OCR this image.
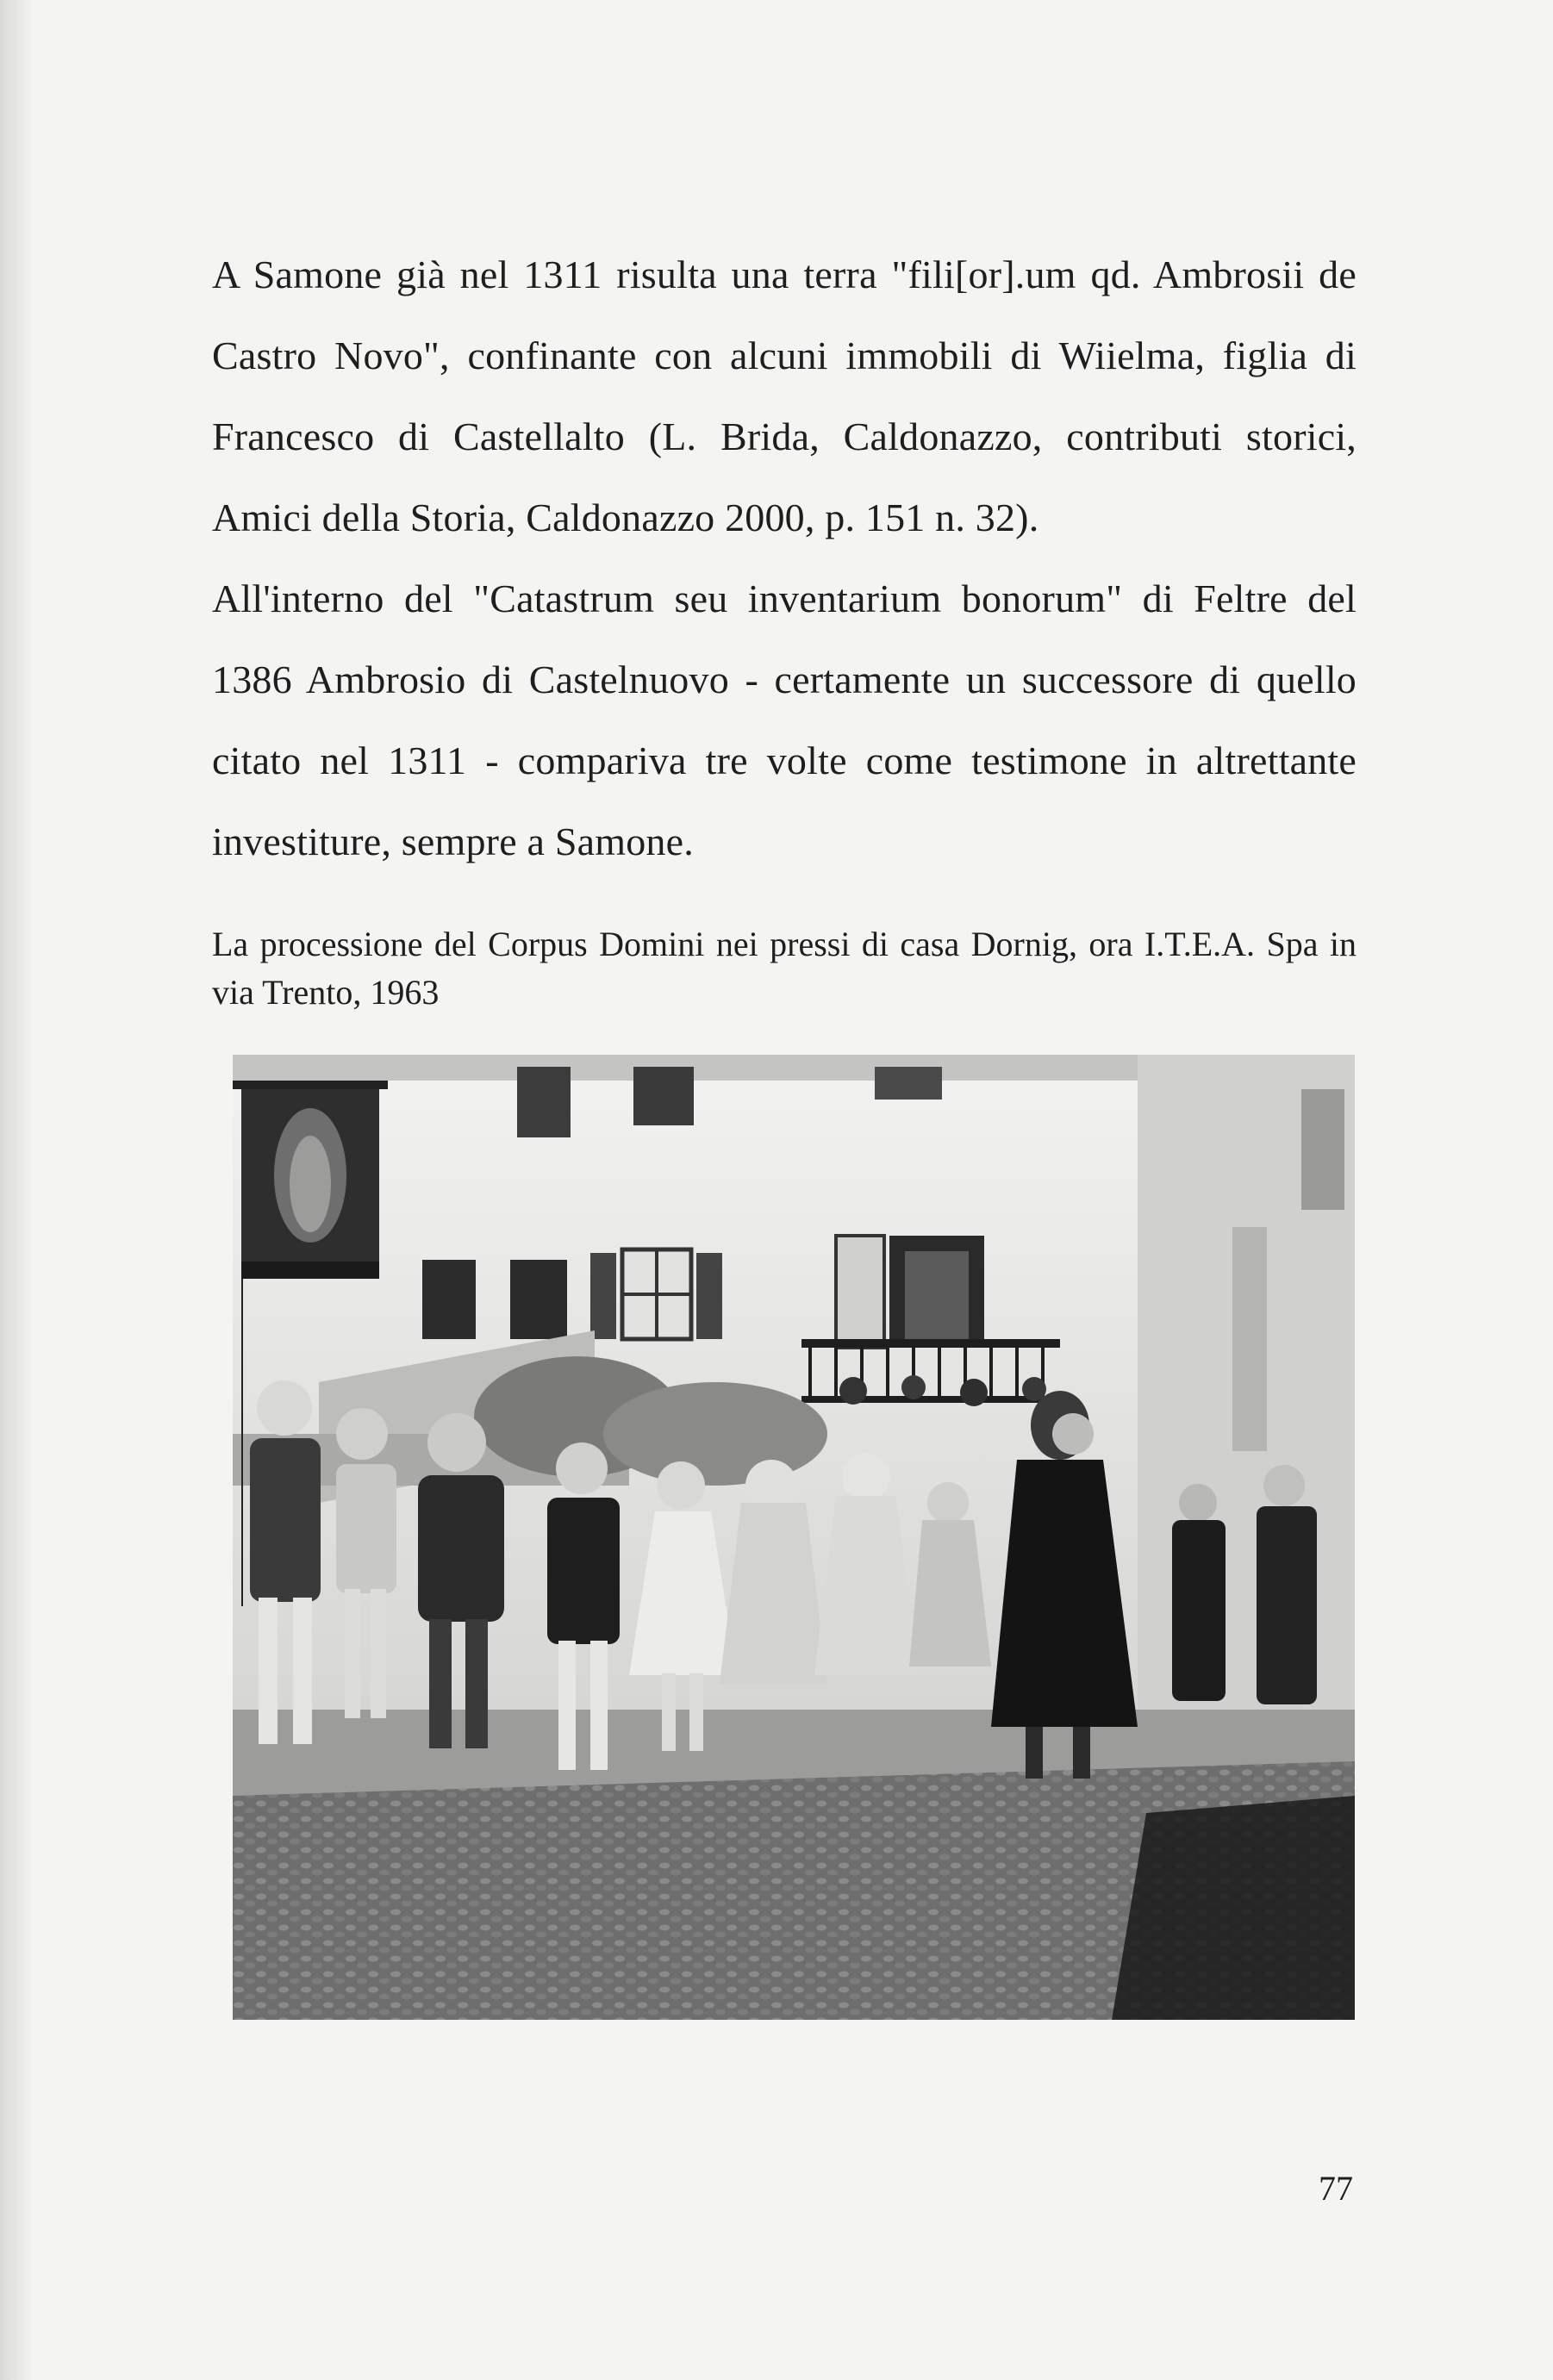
A Samone già nel 1311 risulta una terra "fili[or].um qd. Ambrosii de Castro Novo", confinante con alcuni immobili di Wiielma, figlia di Francesco di Castellalto (L. Brida, Caldonazzo, contributi storici, Amici della Storia, Caldonazzo 2000, p. 151 n. 32).

All'interno del "Catastrum seu inventarium bonorum" di Feltre del 1386 Ambrosio di Castelnuovo - certamente un successore di quello citato nel 1311 - compariva tre volte come testimone in altrettante investiture, sempre a Samone.

La processione del Corpus Domini nei pressi di casa Dornig, ora I.T.E.A. Spa in via Trento, 1963

77
